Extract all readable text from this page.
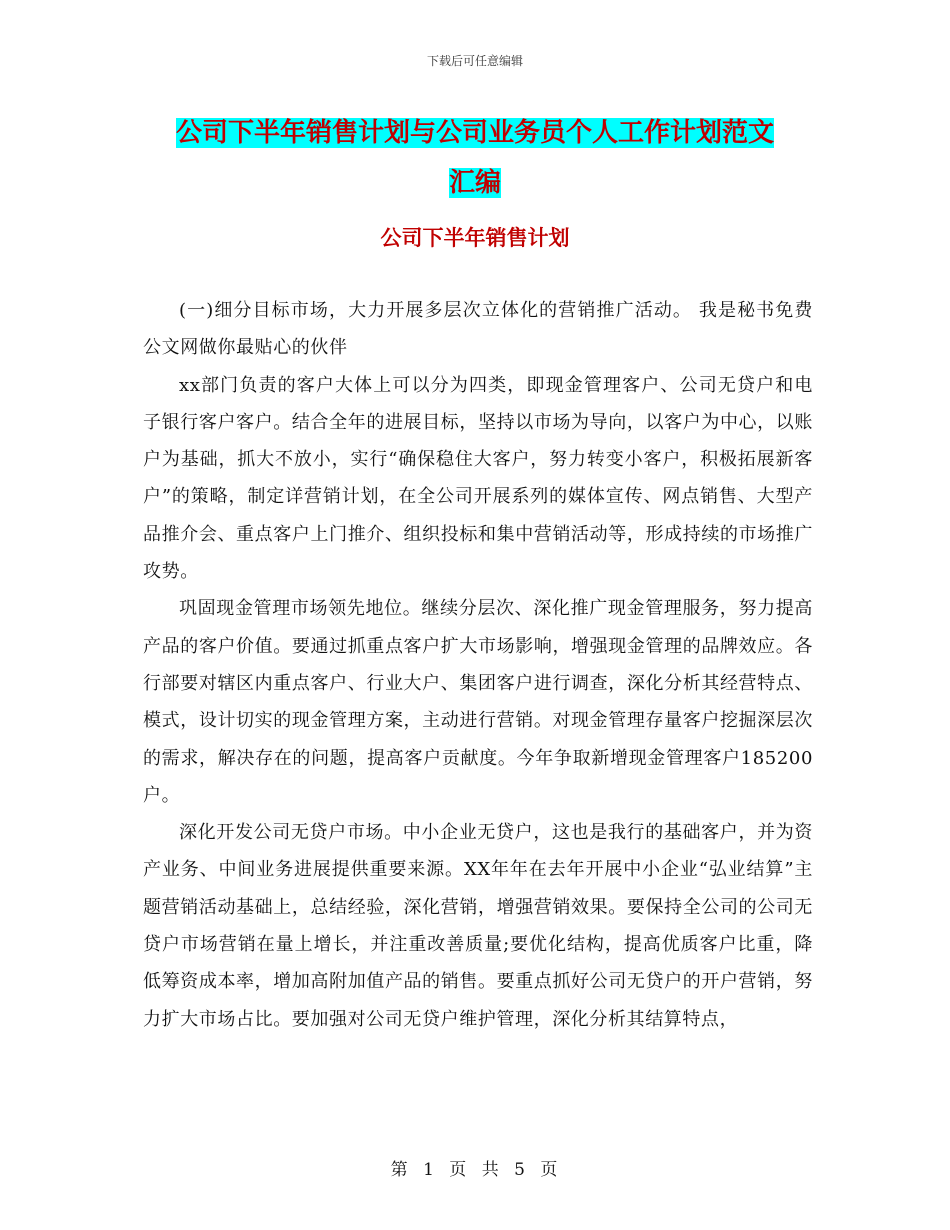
下载后可任意编辑
公司下半年销售计划与公司业务员个人工作计划范文
汇编
公司下半年销售计划

(一)细分目标市场，大力开展多层次立体化的营销推广活动。 我是秘书免费公文网做你最贴心的伙伴

xx部门负责的客户大体上可以分为四类，即现金管理客户、公司无贷户和电子银行客户客户。结合全年的进展目标，坚持以市场为导向，以客户为中心，以账户为基础，抓大不放小，实行“确保稳住大客户，努力转变小客户，积极拓展新客户”的策略，制定详营销计划，在全公司开展系列的媒体宣传、网点销售、大型产品推介会、重点客户上门推介、组织投标和集中营销活动等，形成持续的市场推广攻势。

巩固现金管理市场领先地位。继续分层次、深化推广现金管理服务，努力提高产品的客户价值。要通过抓重点客户扩大市场影响，增强现金管理的品牌效应。各行部要对辖区内重点客户、行业大户、集团客户进行调查，深化分析其经营特点、模式，设计切实的现金管理方案，主动进行营销。对现金管理存量客户挖掘深层次的需求，解决存在的问题，提高客户贡献度。今年争取新增现金管理客户185200户。

深化开发公司无贷户市场。中小企业无贷户，这也是我行的基础客户，并为资产业务、中间业务进展提供重要来源。XX年年在去年开展中小企业“弘业结算”主题营销活动基础上，总结经验，深化营销，增强营销效果。要保持全公司的公司无贷户市场营销在量上增长，并注重改善质量;要优化结构，提高优质客户比重，降低筹资成本率，增加高附加值产品的销售。要重点抓好公司无贷户的开户营销，努力扩大市场占比。要加强对公司无贷户维护管理，深化分析其结算特点，

第 1 页 共 5 页
